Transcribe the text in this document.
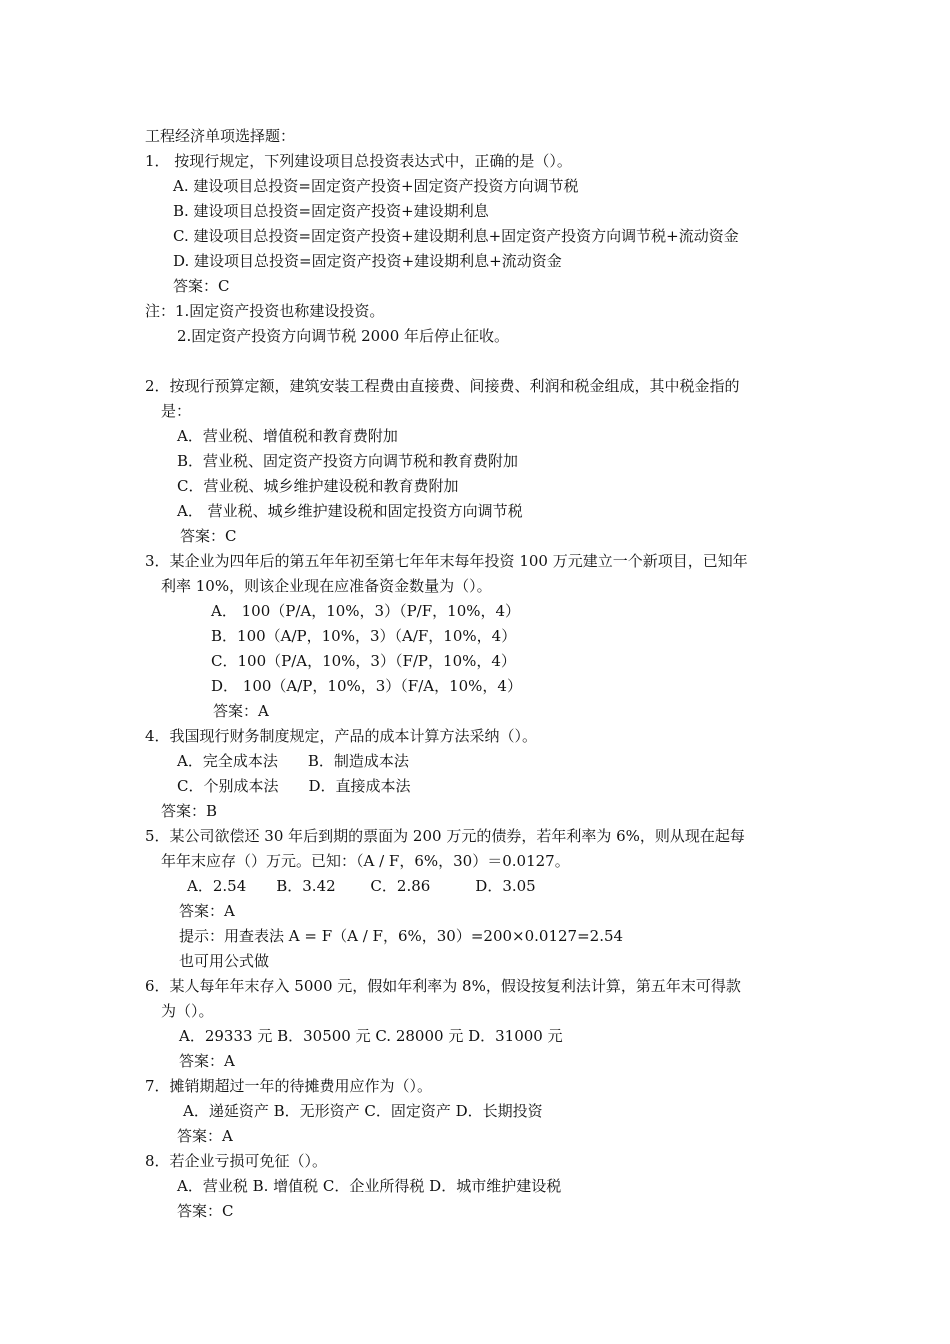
工程经济单项选择题：
1． 按现行规定，下列建设项目总投资表达式中，正确的是（）。
A. 建设项目总投资=固定资产投资+固定资产投资方向调节税
B. 建设项目总投资=固定资产投资+建设期利息
C. 建设项目总投资=固定资产投资+建设期利息+固定资产投资方向调节税+流动资金
D. 建设项目总投资=固定资产投资+建设期利息+流动资金
答案：C
注：1.固定资产投资也称建设投资。
2.固定资产投资方向调节税 2000 年后停止征收。
2．按现行预算定额，建筑安装工程费由直接费、间接费、利润和税金组成，其中税金指的
是：
A．营业税、增值税和教育费附加
B．营业税、固定资产投资方向调节税和教育费附加
C．营业税、城乡维护建设税和教育费附加
A． 营业税、城乡维护建设税和固定投资方向调节税
答案：C
3．某企业为四年后的第五年年初至第七年年末每年投资 100 万元建立一个新项目，已知年
利率 10%，则该企业现在应准备资金数量为（）。
A． 100（P/A，10%，3）（P/F，10%，4）
B．100（A/P，10%，3）（A/F，10%，4）
C．100（P/A，10%，3）（F/P，10%，4）
D． 100（A/P，10%，3）（F/A，10%，4）
答案：A
4．我国现行财务制度规定，产品的成本计算方法采纳（）。
A．完全成本法　　B．制造成本法
C．个别成本法　　D．直接成本法
答案：B
5．某公司欲偿还 30 年后到期的票面为 200 万元的债券，若年利率为 6%，则从现在起每
年年末应存（）万元。已知：（A / F，6%，30）＝0.0127。
A．2.54　　B．3.42　　 C．2.86　　　D．3.05
答案：A
提示：用查表法 A = F（A / F，6%，30）=200×0.0127=2.54
也可用公式做
6．某人每年年末存入 5000 元，假如年利率为 8%，假设按复利法计算，第五年末可得款
为（）。
A．29333 元 B．30500 元 C. 28000 元 D．31000 元
答案：A
7．摊销期超过一年的待摊费用应作为（）。
A．递延资产 B．无形资产 C．固定资产 D．长期投资
答案：A
8．若企业亏损可免征（）。
A．营业税 B. 增值税 C．企业所得税 D．城市维护建设税
答案：C
